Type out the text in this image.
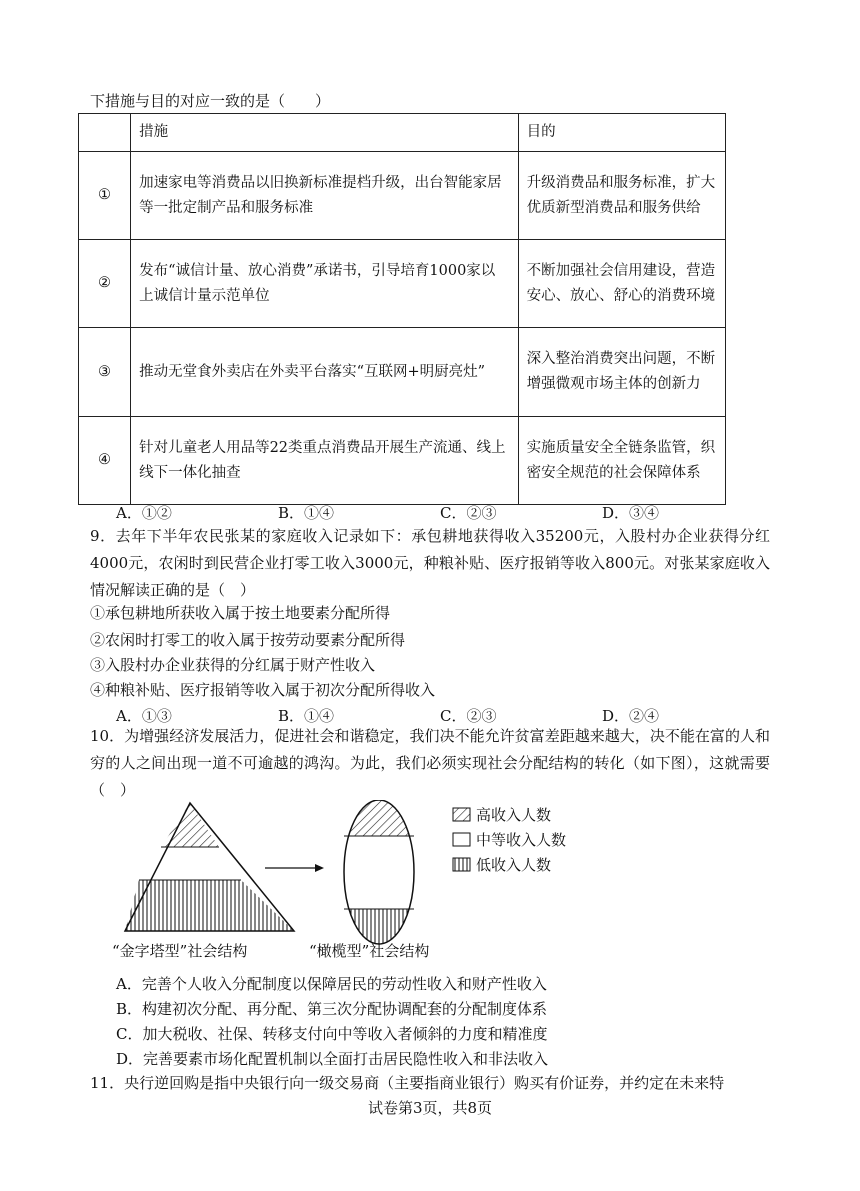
下措施与目的对应一致的是（　　）
	措施	目的
①	加速家电等消费品以旧换新标准提档升级，出台智能家居等一批定制产品和服务标准	升级消费品和服务标准，扩大优质新型消费品和服务供给
②	发布“诚信计量、放心消费”承诺书，引导培育1000家以上诚信计量示范单位	不断加强社会信用建设，营造安心、放心、舒心的消费环境
③	推动无堂食外卖店在外卖平台落实“互联网+明厨亮灶”	深入整治消费突出问题，不断增强微观市场主体的创新力
④	针对儿童老人用品等22类重点消费品开展生产流通、线上线下一体化抽查	实施质量安全全链条监管，织密安全规范的社会保障体系
A．①②	B．①④	C．②③	D．③④
9．去年下半年农民张某的家庭收入记录如下：承包耕地获得收入35200元，入股村办企业获得分红4000元，农闲时到民营企业打零工收入3000元，种粮补贴、医疗报销等收入800元。对张某家庭收入情况解读正确的是（　）
①承包耕地所获收入属于按土地要素分配所得
②农闲时打零工的收入属于按劳动要素分配所得
③入股村办企业获得的分红属于财产性收入
④种粮补贴、医疗报销等收入属于初次分配所得收入
A．①③	B．①④	C．②③	D．②④
10．为增强经济发展活力，促进社会和谐稳定，我们决不能允许贫富差距越来越大，决不能在富的人和穷的人之间出现一道不可逾越的鸿沟。为此，我们必须实现社会分配结构的转化（如下图），这就需要（　）
高收入人数
中等收入人数
低收入人数
“金字塔型”社会结构	“橄榄型”社会结构
A．完善个人收入分配制度以保障居民的劳动性收入和财产性收入
B．构建初次分配、再分配、第三次分配协调配套的分配制度体系
C．加大税收、社保、转移支付向中等收入者倾斜的力度和精准度
D．完善要素市场化配置机制以全面打击居民隐性收入和非法收入
11．央行逆回购是指中央银行向一级交易商（主要指商业银行）购买有价证券，并约定在未来特
试卷第3页，共8页
